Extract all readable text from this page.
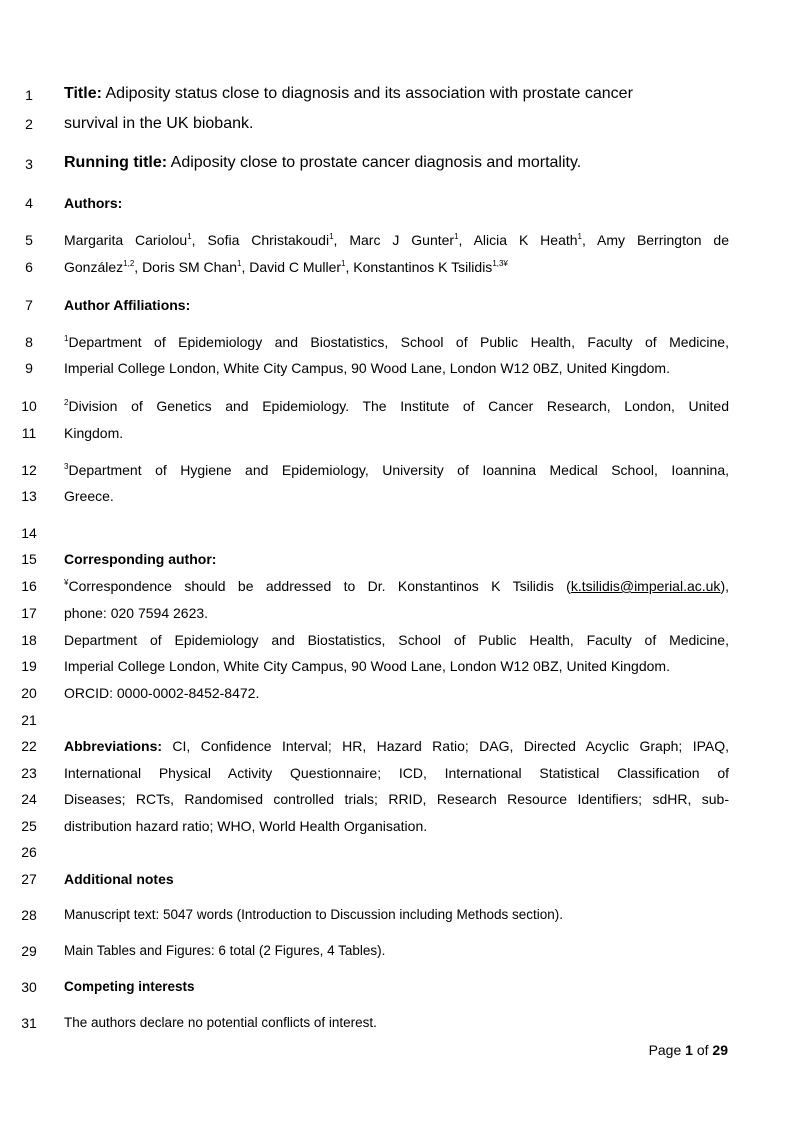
1
2
3
4
5
6
7
8
9
10
11
12
13
14
15
16
17
18
19
20
21
22
23
24
25
26
27
28
29
30
31
Title: Adiposity status close to diagnosis and its association with prostate cancer
survival in the UK biobank.
Running title: Adiposity close to prostate cancer diagnosis and mortality.
Authors:
Margarita Cariolou$^1$, Sofia Christakoudi$^1$, Marc J Gunter$^1$, Alicia K Heath$^1$, Amy Berrington de
González$^{1,2}$, Doris SM Chan$^1$, David C Muller$^1$, Konstantinos K Tsilidis$^{1,3¥}$
Author Affiliations:
$^1$Department of Epidemiology and Biostatistics, School of Public Health, Faculty of Medicine,
Imperial College London, White City Campus, 90 Wood Lane, London W12 0BZ, United Kingdom.
$^2$Division of Genetics and Epidemiology. The Institute of Cancer Research, London, United
Kingdom.
$^3$Department of Hygiene and Epidemiology, University of Ioannina Medical School, Ioannina,
Greece.
Corresponding author:
¥Correspondence should be addressed to Dr. Konstantinos K Tsilidis (k.tsilidis@imperial.ac.uk),
phone: 020 7594 2623.
Department of Epidemiology and Biostatistics, School of Public Health, Faculty of Medicine,
Imperial College London, White City Campus, 90 Wood Lane, London W12 0BZ, United Kingdom.
ORCID: 0000-0002-8452-8472.
Abbreviations: CI, Confidence Interval; HR, Hazard Ratio; DAG, Directed Acyclic Graph; IPAQ,
International Physical Activity Questionnaire; ICD, International Statistical Classification of
Diseases; RCTs, Randomised controlled trials; RRID, Research Resource Identifiers; sdHR, sub-
distribution hazard ratio; WHO, World Health Organisation.
Additional notes
Manuscript text: 5047 words (Introduction to Discussion including Methods section).
Main Tables and Figures: 6 total (2 Figures, 4 Tables).
Competing interests
The authors declare no potential conflicts of interest.
Page 1 of 29
